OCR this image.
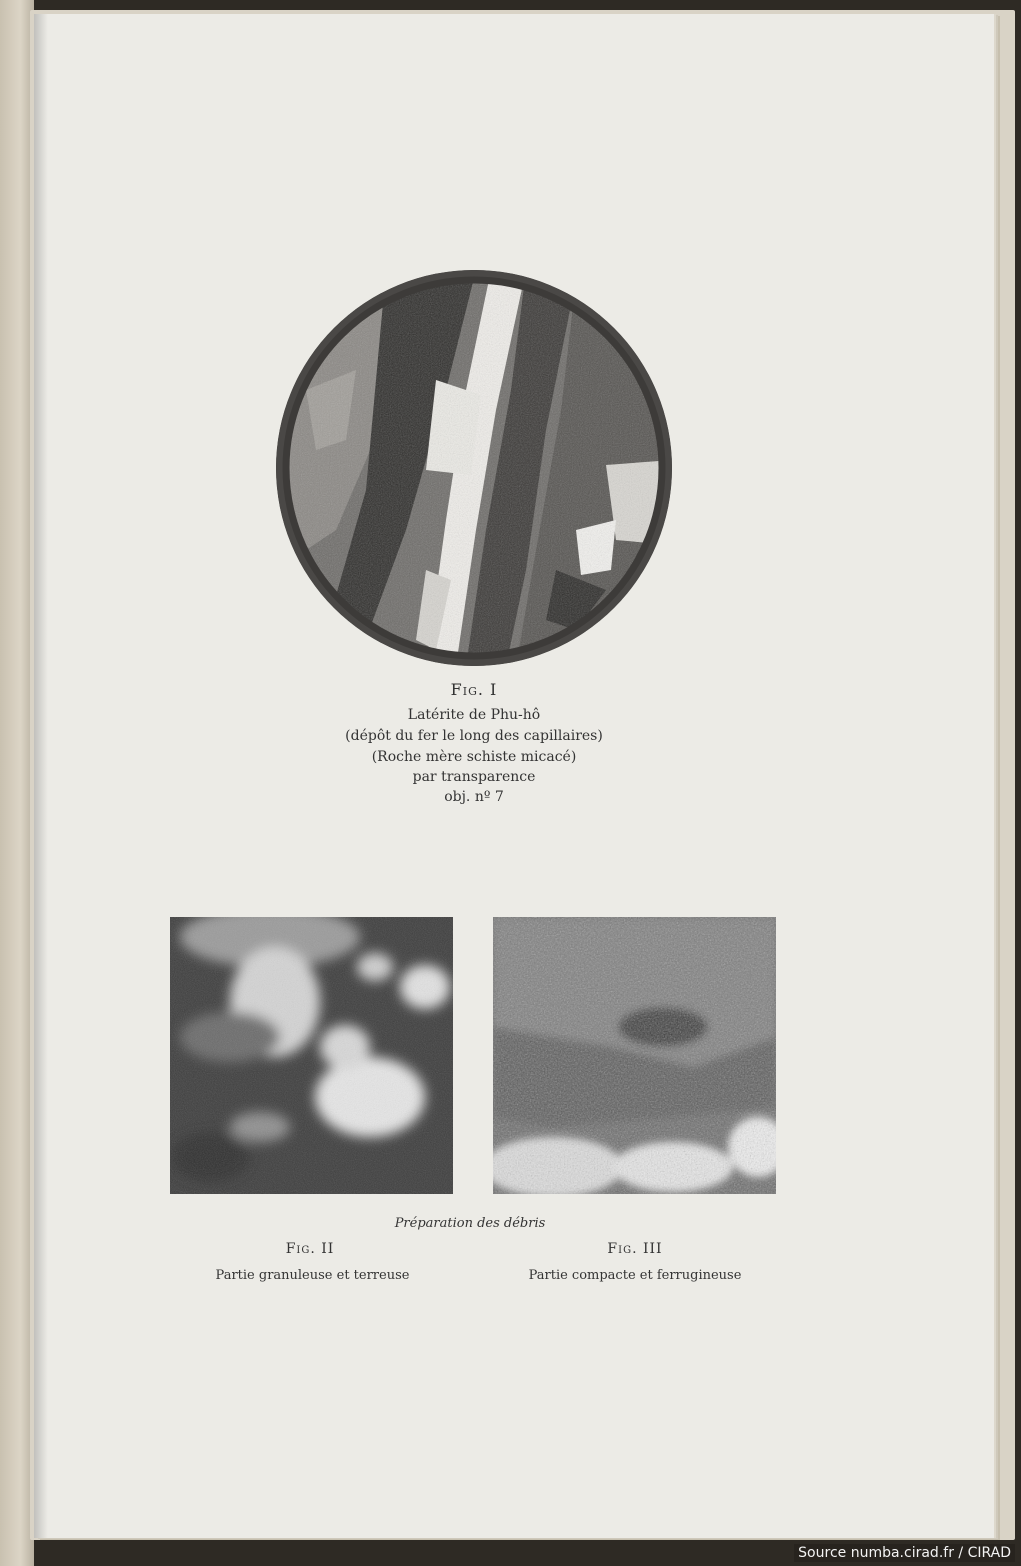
Fig. I
Latérite de Phu-hô
(dépôt du fer le long des capillaires)
(Roche mère schiste micacé)
par transparence
obj. nº 7
Préparation des débris
Fig. II
Partie granuleuse et terreuse
Fig. III
Partie compacte et ferrugineuse
Source numba.cirad.fr / CIRAD
